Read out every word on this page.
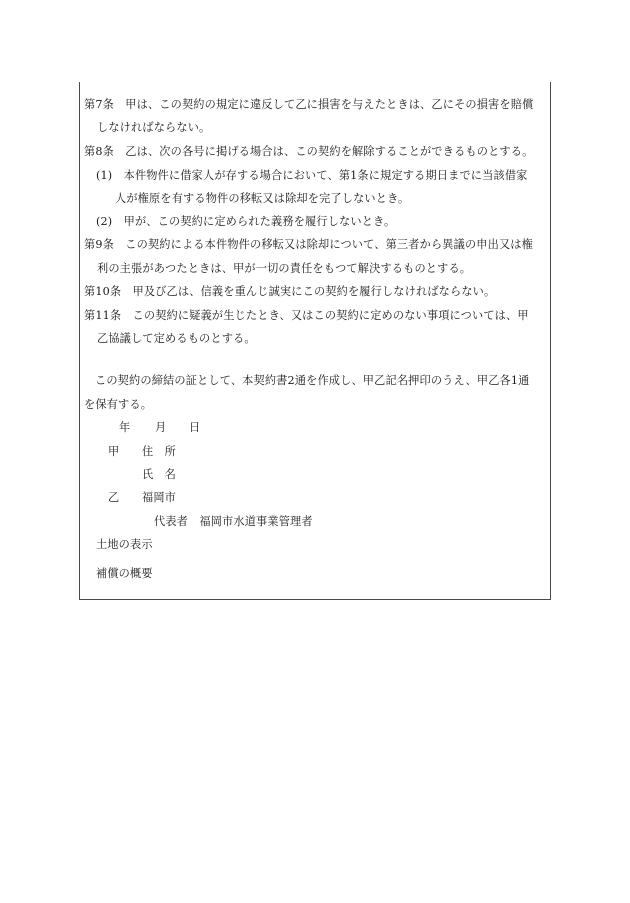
第7条　甲は、この契約の規定に違反して乙に損害を与えたときは、乙にその損害を賠償
しなければならない。
第8条　乙は、次の各号に掲げる場合は、この契約を解除することができるものとする。
(1)　本件物件に借家人が存する場合において、第1条に規定する期日までに当該借家
人が権原を有する物件の移転又は除却を完了しないとき。
(2)　甲が、この契約に定められた義務を履行しないとき。
第9条　この契約による本件物件の移転又は除却について、第三者から異議の申出又は権
利の主張があつたときは、甲が一切の責任をもつて解決するものとする。
第10条　甲及び乙は、信義を重んじ誠実にこの契約を履行しなければならない。
第11条　この契約に疑義が生じたとき、又はこの契約に定めのない事項については、甲
乙協議して定めるものとする。
この契約の締結の証として、本契約書2通を作成し、甲乙記名押印のうえ、甲乙各1通
を保有する。
年 月 日
甲 住　所
氏　名
乙 福岡市
代表者　福岡市水道事業管理者
土地の表示
補償の概要
